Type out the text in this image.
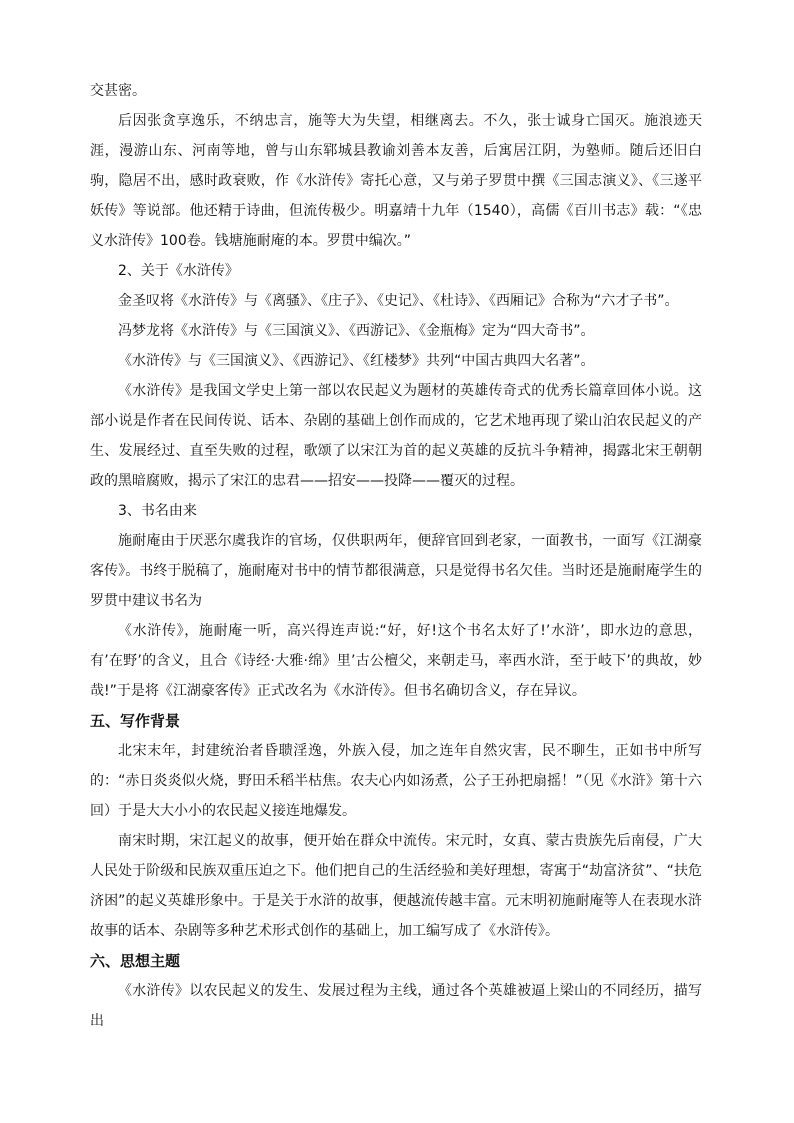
交甚密。

后因张贪享逸乐，不纳忠言，施等大为失望，相继离去。不久，张士诚身亡国灭。施浪迹天涯，漫游山东、河南等地，曾与山东郓城县教谕刘善本友善，后寓居江阴，为塾师。随后还旧白驹，隐居不出，感时政衰败，作《水浒传》寄托心意，又与弟子罗贯中撰《三国志演义》、《三遂平妖传》等说部。他还精于诗曲，但流传极少。明嘉靖十九年（1540），高儒《百川书志》载：“《忠义水浒传》100卷。钱塘施耐庵的本。罗贯中编次。”

2、关于《水浒传》

金圣叹将《水浒传》与《离骚》、《庄子》、《史记》、《杜诗》、《西厢记》合称为“六才子书”。

冯梦龙将《水浒传》与《三国演义》、《西游记》、《金瓶梅》定为“四大奇书”。

《水浒传》与《三国演义》、《西游记》、《红楼梦》共列“中国古典四大名著”。

《水浒传》是我国文学史上第一部以农民起义为题材的英雄传奇式的优秀长篇章回体小说。这部小说是作者在民间传说、话本、杂剧的基础上创作而成的，它艺术地再现了梁山泊农民起义的产生、发展经过、直至失败的过程，歌颂了以宋江为首的起义英雄的反抗斗争精神，揭露北宋王朝朝政的黑暗腐败，揭示了宋江的忠君——招安——投降——覆灭的过程。

3、书名由来

施耐庵由于厌恶尔虞我诈的官场，仅供职两年，便辞官回到老家，一面教书，一面写《江湖豪客传》。书终于脱稿了，施耐庵对书中的情节都很满意，只是觉得书名欠佳。当时还是施耐庵学生的罗贯中建议书名为

《水浒传》，施耐庵一听，高兴得连声说:“好，好!这个书名太好了!’水浒’，即水边的意思，有’在野’的含义，且合《诗经·大雅·绵》里’古公檀父，来朝走马，率西水浒，至于岐下’的典故，妙哉!”于是将《江湖豪客传》正式改名为《水浒传》。但书名确切含义，存在异议。

五、写作背景

北宋末年，封建统治者昏聩淫逸，外族入侵，加之连年自然灾害，民不聊生，正如书中所写的：“赤日炎炎似火烧，野田禾稻半枯焦。农夫心内如汤煮，公子王孙把扇摇！”（见《水浒》第十六回）于是大大小小的农民起义接连地爆发。

南宋时期，宋江起义的故事，便开始在群众中流传。宋元时，女真、蒙古贵族先后南侵，广大人民处于阶级和民族双重压迫之下。他们把自己的生活经验和美好理想，寄寓于“劫富济贫”、“扶危济困”的起义英雄形象中。于是关于水浒的故事，便越流传越丰富。元末明初施耐庵等人在表现水浒故事的话本、杂剧等多种艺术形式创作的基础上，加工编写成了《水浒传》。

六、思想主题

《水浒传》以农民起义的发生、发展过程为主线，通过各个英雄被逼上梁山的不同经历，描写出
